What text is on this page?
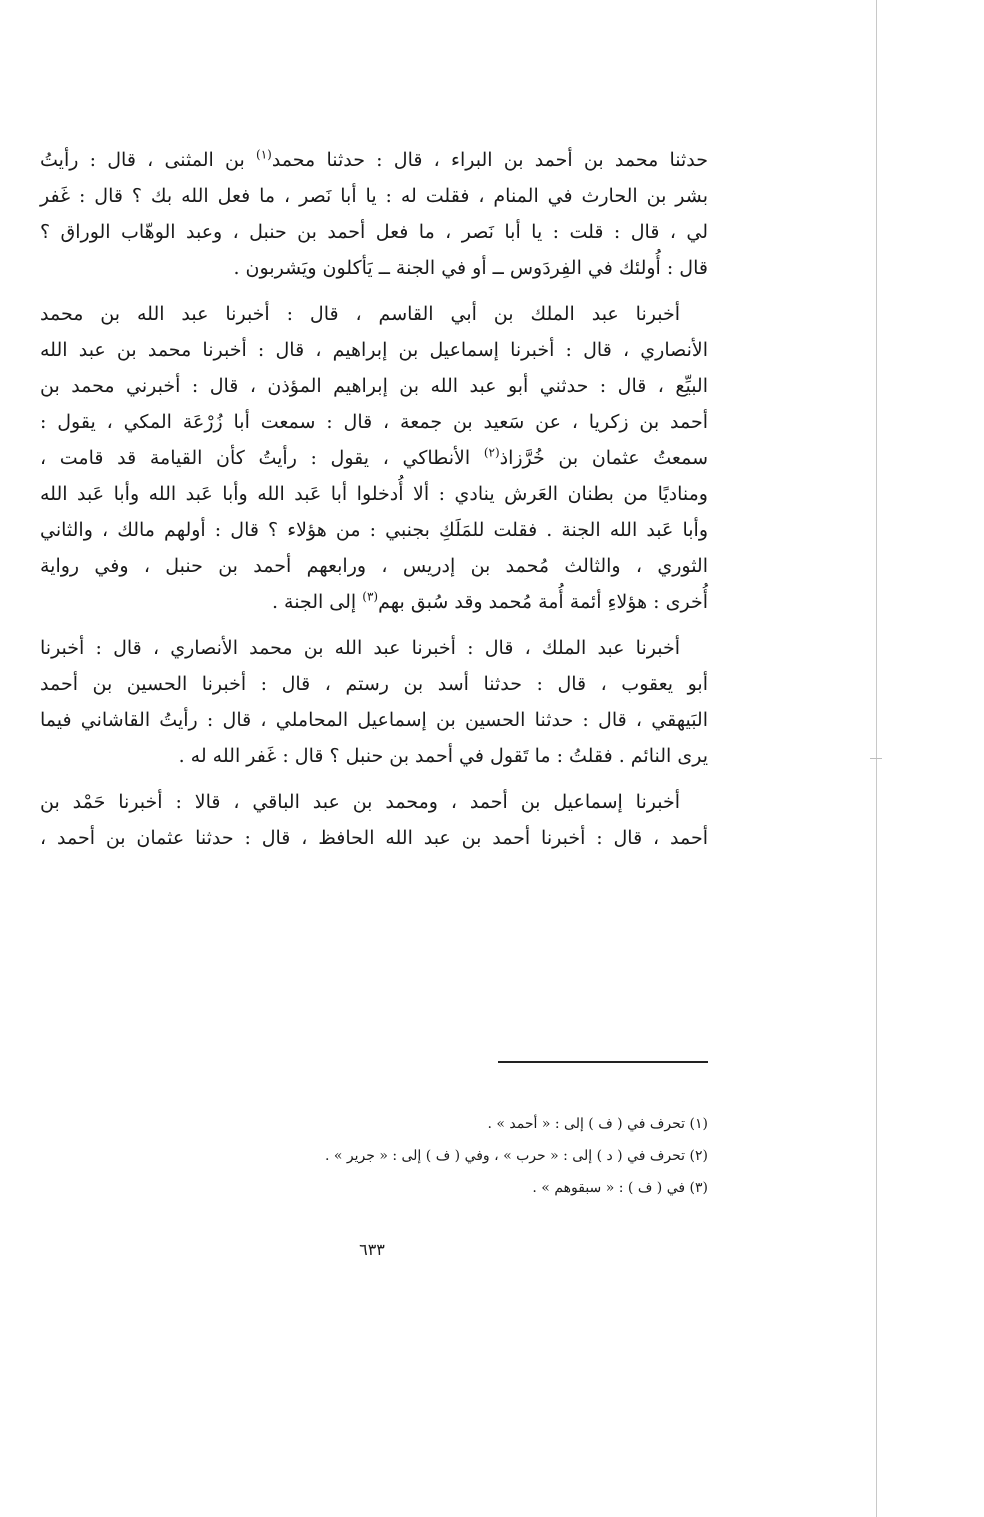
حدثنا محمد بن أحمد بن البراء ، قال : حدثنا محمد$^{(١)}$ بن المثنى ، قال : رأيتُ
بشر بن الحارث في المنام ، فقلت له : يا أبا نَصر ، ما فعل الله بك ؟ قال : غَفر
لي ، قال : قلت : يا أبا نَصر ، ما فعل أحمد بن حنبل ، وعبد الوهّاب الوراق ؟
قال : أُولئك في الفِردَوس ــ أو في الجنة ــ يَأكلون ويَشربون .
أخبرنا عبد الملك بن أبي القاسم ، قال : أخبرنا عبد الله بن محمد
الأنصاري ، قال : أخبرنا إسماعيل بن إبراهيم ، قال : أخبرنا محمد بن عبد الله
البيِّع ، قال : حدثني أبو عبد الله بن إبراهيم المؤذن ، قال : أخبرني محمد بن
أحمد بن زكريا ، عن سَعيد بن جمعة ، قال : سمعت أبا زُرْعَة المكي ، يقول :
سمعتُ عثمان بن خُرَّزاذ$^{(٢)}$ الأنطاكي ، يقول : رأيتُ كأن القيامة قد قامت ،
ومناديًا من بطنان العَرش ينادي : ألا أُدخلوا أبا عَبد الله وأبا عَبد الله وأبا عَبد الله
وأبا عَبد الله الجنة . فقلت للمَلَكِ بجنبي : من هؤلاء ؟ قال : أولهم مالك ، والثاني
الثوري ، والثالث مُحمد بن إدريس ، ورابعهم أحمد بن حنبل ، وفي رواية
أُخرى : هؤلاءِ أئمة أُمة مُحمد وقد سُبق بهم$^{(٣)}$ إلى الجنة .
أخبرنا عبد الملك ، قال : أخبرنا عبد الله بن محمد الأنصاري ، قال : أخبرنا
أبو يعقوب ، قال : حدثنا أسد بن رستم ، قال : أخبرنا الحسين بن أحمد
البَيهقي ، قال : حدثنا الحسين بن إسماعيل المحاملي ، قال : رأيتُ القاشاني فيما
يرى النائم . فقلتُ : ما تَقول في أحمد بن حنبل ؟ قال : غَفر الله له .
أخبرنا إسماعيل بن أحمد ، ومحمد بن عبد الباقي ، قالا : أخبرنا حَمْد بن
أحمد ، قال : أخبرنا أحمد بن عبد الله الحافظ ، قال : حدثنا عثمان بن أحمد ،
(١) تحرف في ( ف ) إلى : « أحمد » .
(٢) تحرف في ( د ) إلى : « حرب » ، وفي ( ف ) إلى : « جرير » .
(٣) في ( ف ) : « سبقوهم » .
٦٣٣
